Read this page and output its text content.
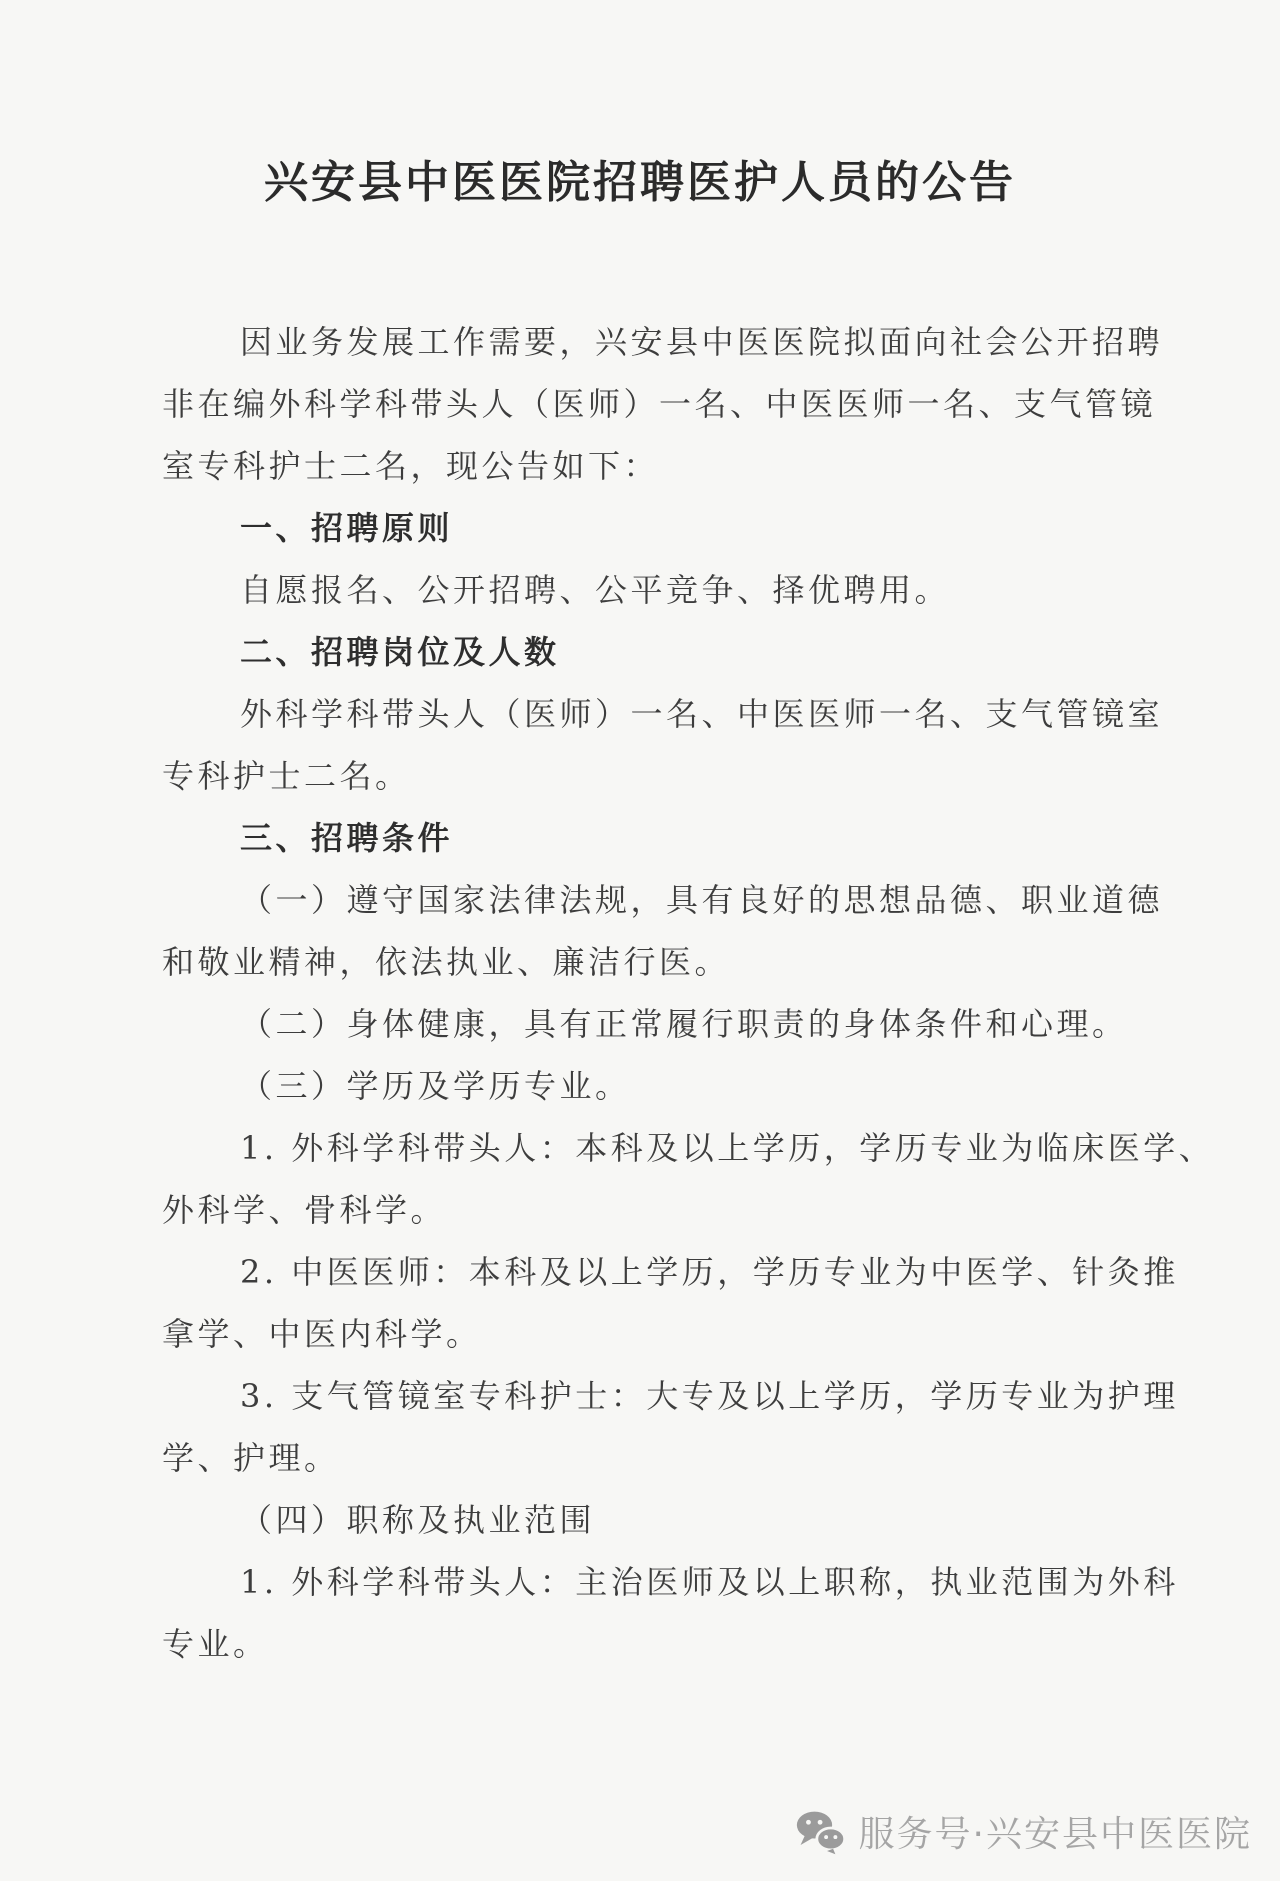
兴安县中医医院招聘医护人员的公告
因业务发展工作需要，兴安县中医医院拟面向社会公开招聘
非在编外科学科带头人（医师）一名、中医医师一名、支气管镜
室专科护士二名，现公告如下：
一、招聘原则
自愿报名、公开招聘、公平竞争、择优聘用。
二、招聘岗位及人数
外科学科带头人（医师）一名、中医医师一名、支气管镜室
专科护士二名。
三、招聘条件
（一）遵守国家法律法规，具有良好的思想品德、职业道德
和敬业精神，依法执业、廉洁行医。
（二）身体健康，具有正常履行职责的身体条件和心理。
（三）学历及学历专业。
1. 外科学科带头人：本科及以上学历，学历专业为临床医学、
外科学、骨科学。
2. 中医医师：本科及以上学历，学历专业为中医学、针灸推
拿学、中医内科学。
3. 支气管镜室专科护士：大专及以上学历，学历专业为护理
学、护理。
（四）职称及执业范围
1. 外科学科带头人：主治医师及以上职称，执业范围为外科
专业。
服务号·兴安县中医医院
